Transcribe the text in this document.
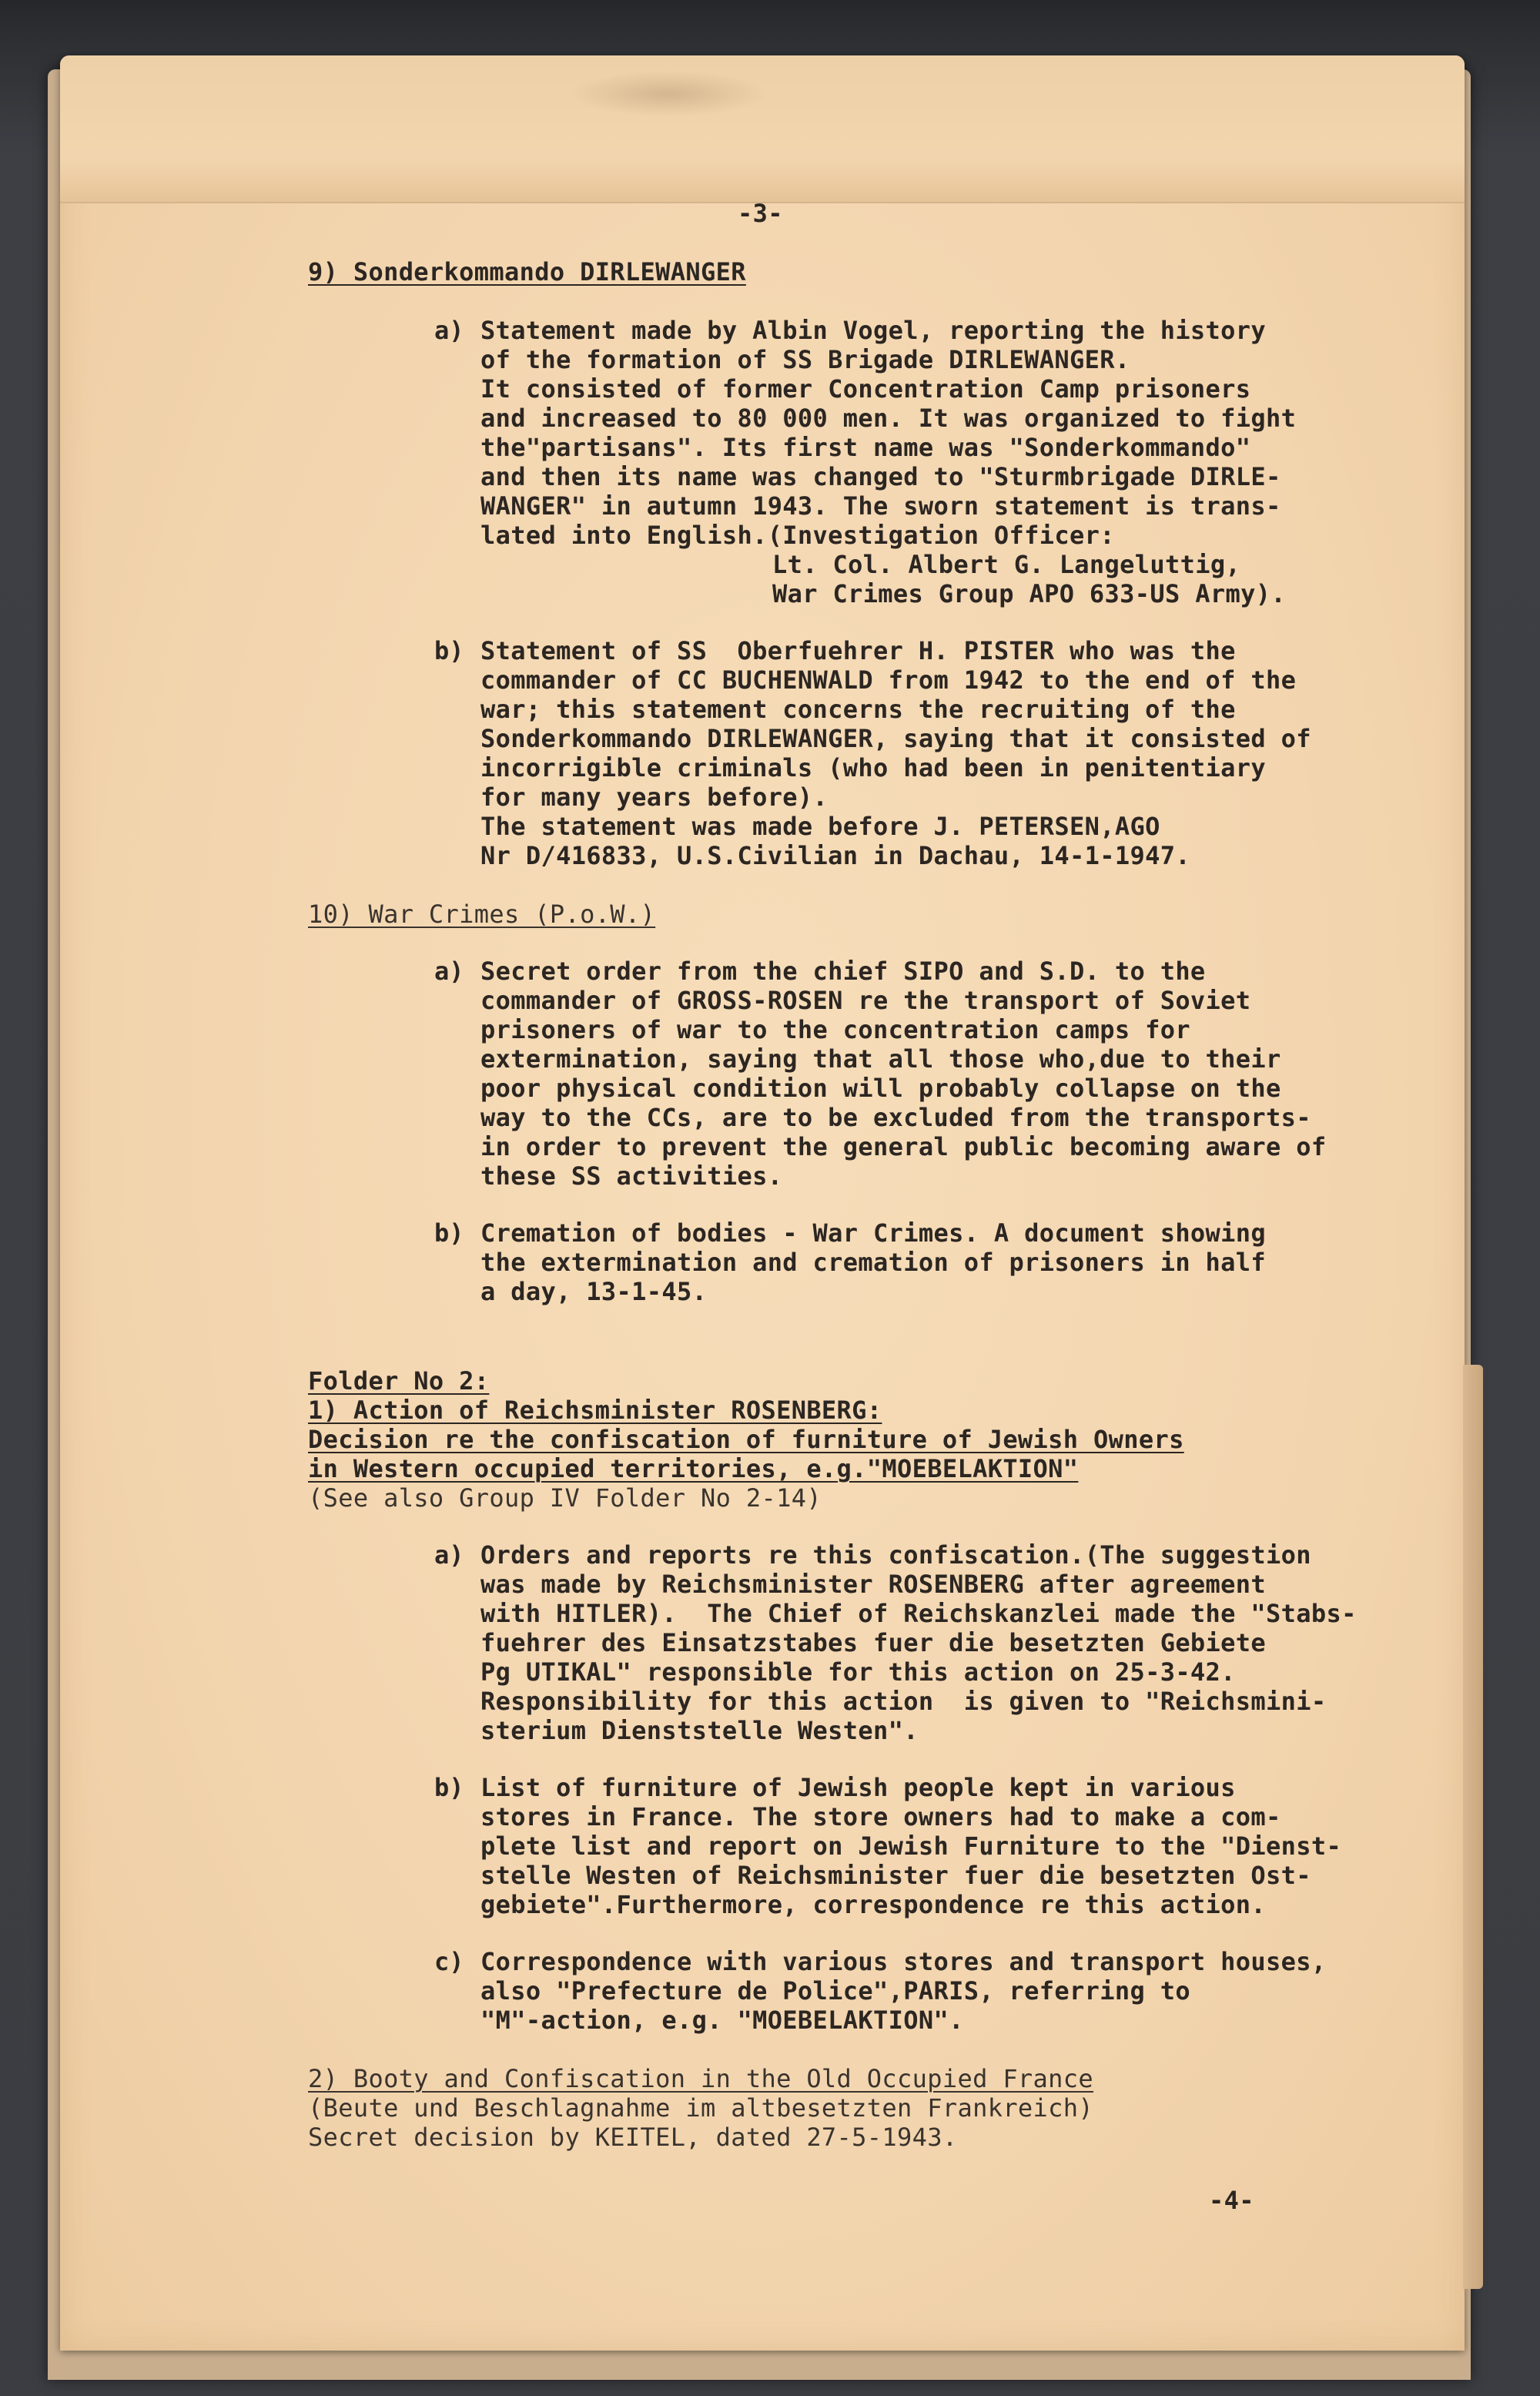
-3-

9) Sonderkommando DIRLEWANGER

a) Statement made by Albin Vogel, reporting the history

of the formation of SS Brigade DIRLEWANGER.

It consisted of former Concentration Camp prisoners

and increased to 80 000 men. It was organized to fight

the"partisans". Its first name was "Sonderkommando"

and then its name was changed to "Sturmbrigade DIRLE-

WANGER" in autumn 1943. The sworn statement is trans-

lated into English.(Investigation Officer:

Lt. Col. Albert G. Langeluttig,

War Crimes Group APO 633-US Army).

b) Statement of SS  Oberfuehrer H. PISTER who was the

commander of CC BUCHENWALD from 1942 to the end of the

war; this statement concerns the recruiting of the

Sonderkommando DIRLEWANGER, saying that it consisted of

incorrigible criminals (who had been in penitentiary

for many years before).

The statement was made before J. PETERSEN,AGO

Nr D/416833, U.S.Civilian in Dachau, 14-1-1947.

10) War Crimes (P.o.W.)

a) Secret order from the chief SIPO and S.D. to the

commander of GROSS-ROSEN re the transport of Soviet

prisoners of war to the concentration camps for

extermination, saying that all those who,due to their

poor physical condition will probably collapse on the

way to the CCs, are to be excluded from the transports-

in order to prevent the general public becoming aware of

these SS activities.

b) Cremation of bodies - War Crimes. A document showing

the extermination and cremation of prisoners in half

a day, 13-1-45.

Folder No 2:

1) Action of Reichsminister ROSENBERG:

Decision re the confiscation of furniture of Jewish Owners

in Western occupied territories, e.g."MOEBELAKTION"

(See also Group IV Folder No 2-14)

a) Orders and reports re this confiscation.(The suggestion

was made by Reichsminister ROSENBERG after agreement

with HITLER).  The Chief of Reichskanzlei made the "Stabs-

fuehrer des Einsatzstabes fuer die besetzten Gebiete

Pg UTIKAL" responsible for this action on 25-3-42.

Responsibility for this action  is given to "Reichsmini-

sterium Dienststelle Westen".

b) List of furniture of Jewish people kept in various

stores in France. The store owners had to make a com-

plete list and report on Jewish Furniture to the "Dienst-

stelle Westen of Reichsminister fuer die besetzten Ost-

gebiete".Furthermore, correspondence re this action.

c) Correspondence with various stores and transport houses,

also "Prefecture de Police",PARIS, referring to

"M"-action, e.g. "MOEBELAKTION".

2) Booty and Confiscation in the Old Occupied France

(Beute und Beschlagnahme im altbesetzten Frankreich)

Secret decision by KEITEL, dated 27-5-1943.

-4-
